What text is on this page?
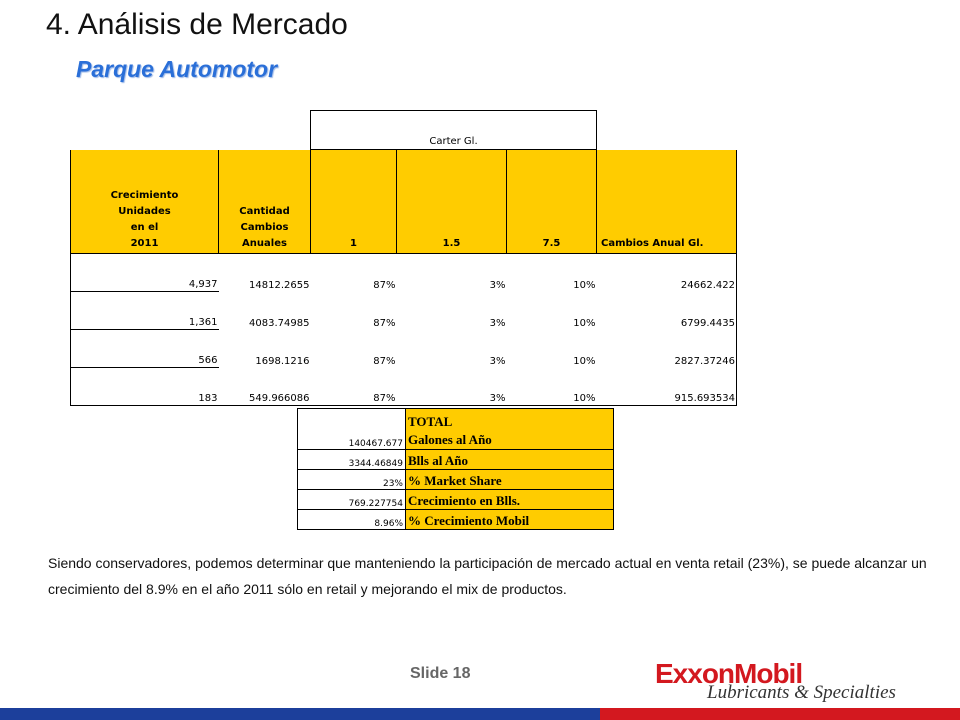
4. Análisis de Mercado
Parque Automotor
		Carter Gl.			
Crecimiento
Unidades
en el
2011	Cantidad
Cambios
Anuales	1	1.5	7.5	Cambios Anual Gl.
4,937	14812.2655	87%	3%	10%	24662.422
1,361	4083.74985	87%	3%	10%	6799.4435
566	1698.1216	87%	3%	10%	2827.37246
183	549.966086	87%	3%	10%	915.693534
140467.677	TOTAL
Galones al Año

3344.46849	Blls al Año
23%	% Market Share
769.227754	Crecimiento en Blls.
8.96%	% Crecimiento Mobil
Siendo conservadores, podemos determinar que manteniendo la participación de mercado actual en venta retail (23%), se puede alcanzar un crecimiento del 8.9% en el año 2011 sólo en retail y mejorando el mix de productos.
Slide 18	ExxonMobil
Lubricants & Specialties
